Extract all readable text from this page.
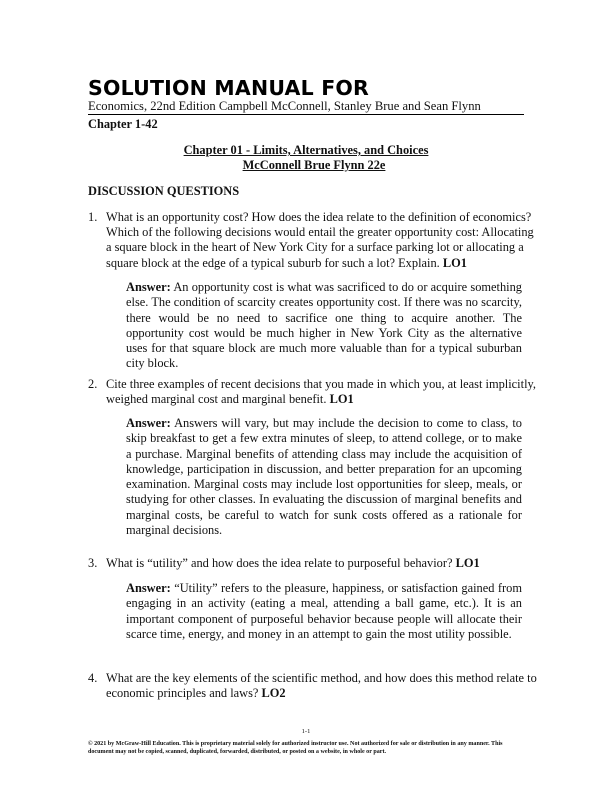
SOLUTION MANUAL FOR
Economics, 22nd Edition Campbell McConnell, Stanley Brue and Sean Flynn
Chapter 1-42
Chapter 01 - Limits, Alternatives, and Choices
McConnell Brue Flynn 22e
DISCUSSION QUESTIONS
1. What is an opportunity cost? How does the idea relate to the definition of economics? Which of the following decisions would entail the greater opportunity cost: Allocating a square block in the heart of New York City for a surface parking lot or allocating a square block at the edge of a typical suburb for such a lot? Explain. LO1
Answer: An opportunity cost is what was sacrificed to do or acquire something else. The condition of scarcity creates opportunity cost. If there was no scarcity, there would be no need to sacrifice one thing to acquire another. The opportunity cost would be much higher in New York City as the alternative uses for that square block are much more valuable than for a typical suburban city block.
2. Cite three examples of recent decisions that you made in which you, at least implicitly, weighed marginal cost and marginal benefit. LO1
Answer: Answers will vary, but may include the decision to come to class, to skip breakfast to get a few extra minutes of sleep, to attend college, or to make a purchase. Marginal benefits of attending class may include the acquisition of knowledge, participation in discussion, and better preparation for an upcoming examination. Marginal costs may include lost opportunities for sleep, meals, or studying for other classes. In evaluating the discussion of marginal benefits and marginal costs, be careful to watch for sunk costs offered as a rationale for marginal decisions.
3. What is “utility” and how does the idea relate to purposeful behavior? LO1
Answer: “Utility” refers to the pleasure, happiness, or satisfaction gained from engaging in an activity (eating a meal, attending a ball game, etc.). It is an important component of purposeful behavior because people will allocate their scarce time, energy, and money in an attempt to gain the most utility possible.
4. What are the key elements of the scientific method, and how does this method relate to economic principles and laws? LO2
1-1
© 2021 by McGraw-Hill Education. This is proprietary material solely for authorized instructor use. Not authorized for sale or distribution in any manner. This document may not be copied, scanned, duplicated, forwarded, distributed, or posted on a website, in whole or part.
